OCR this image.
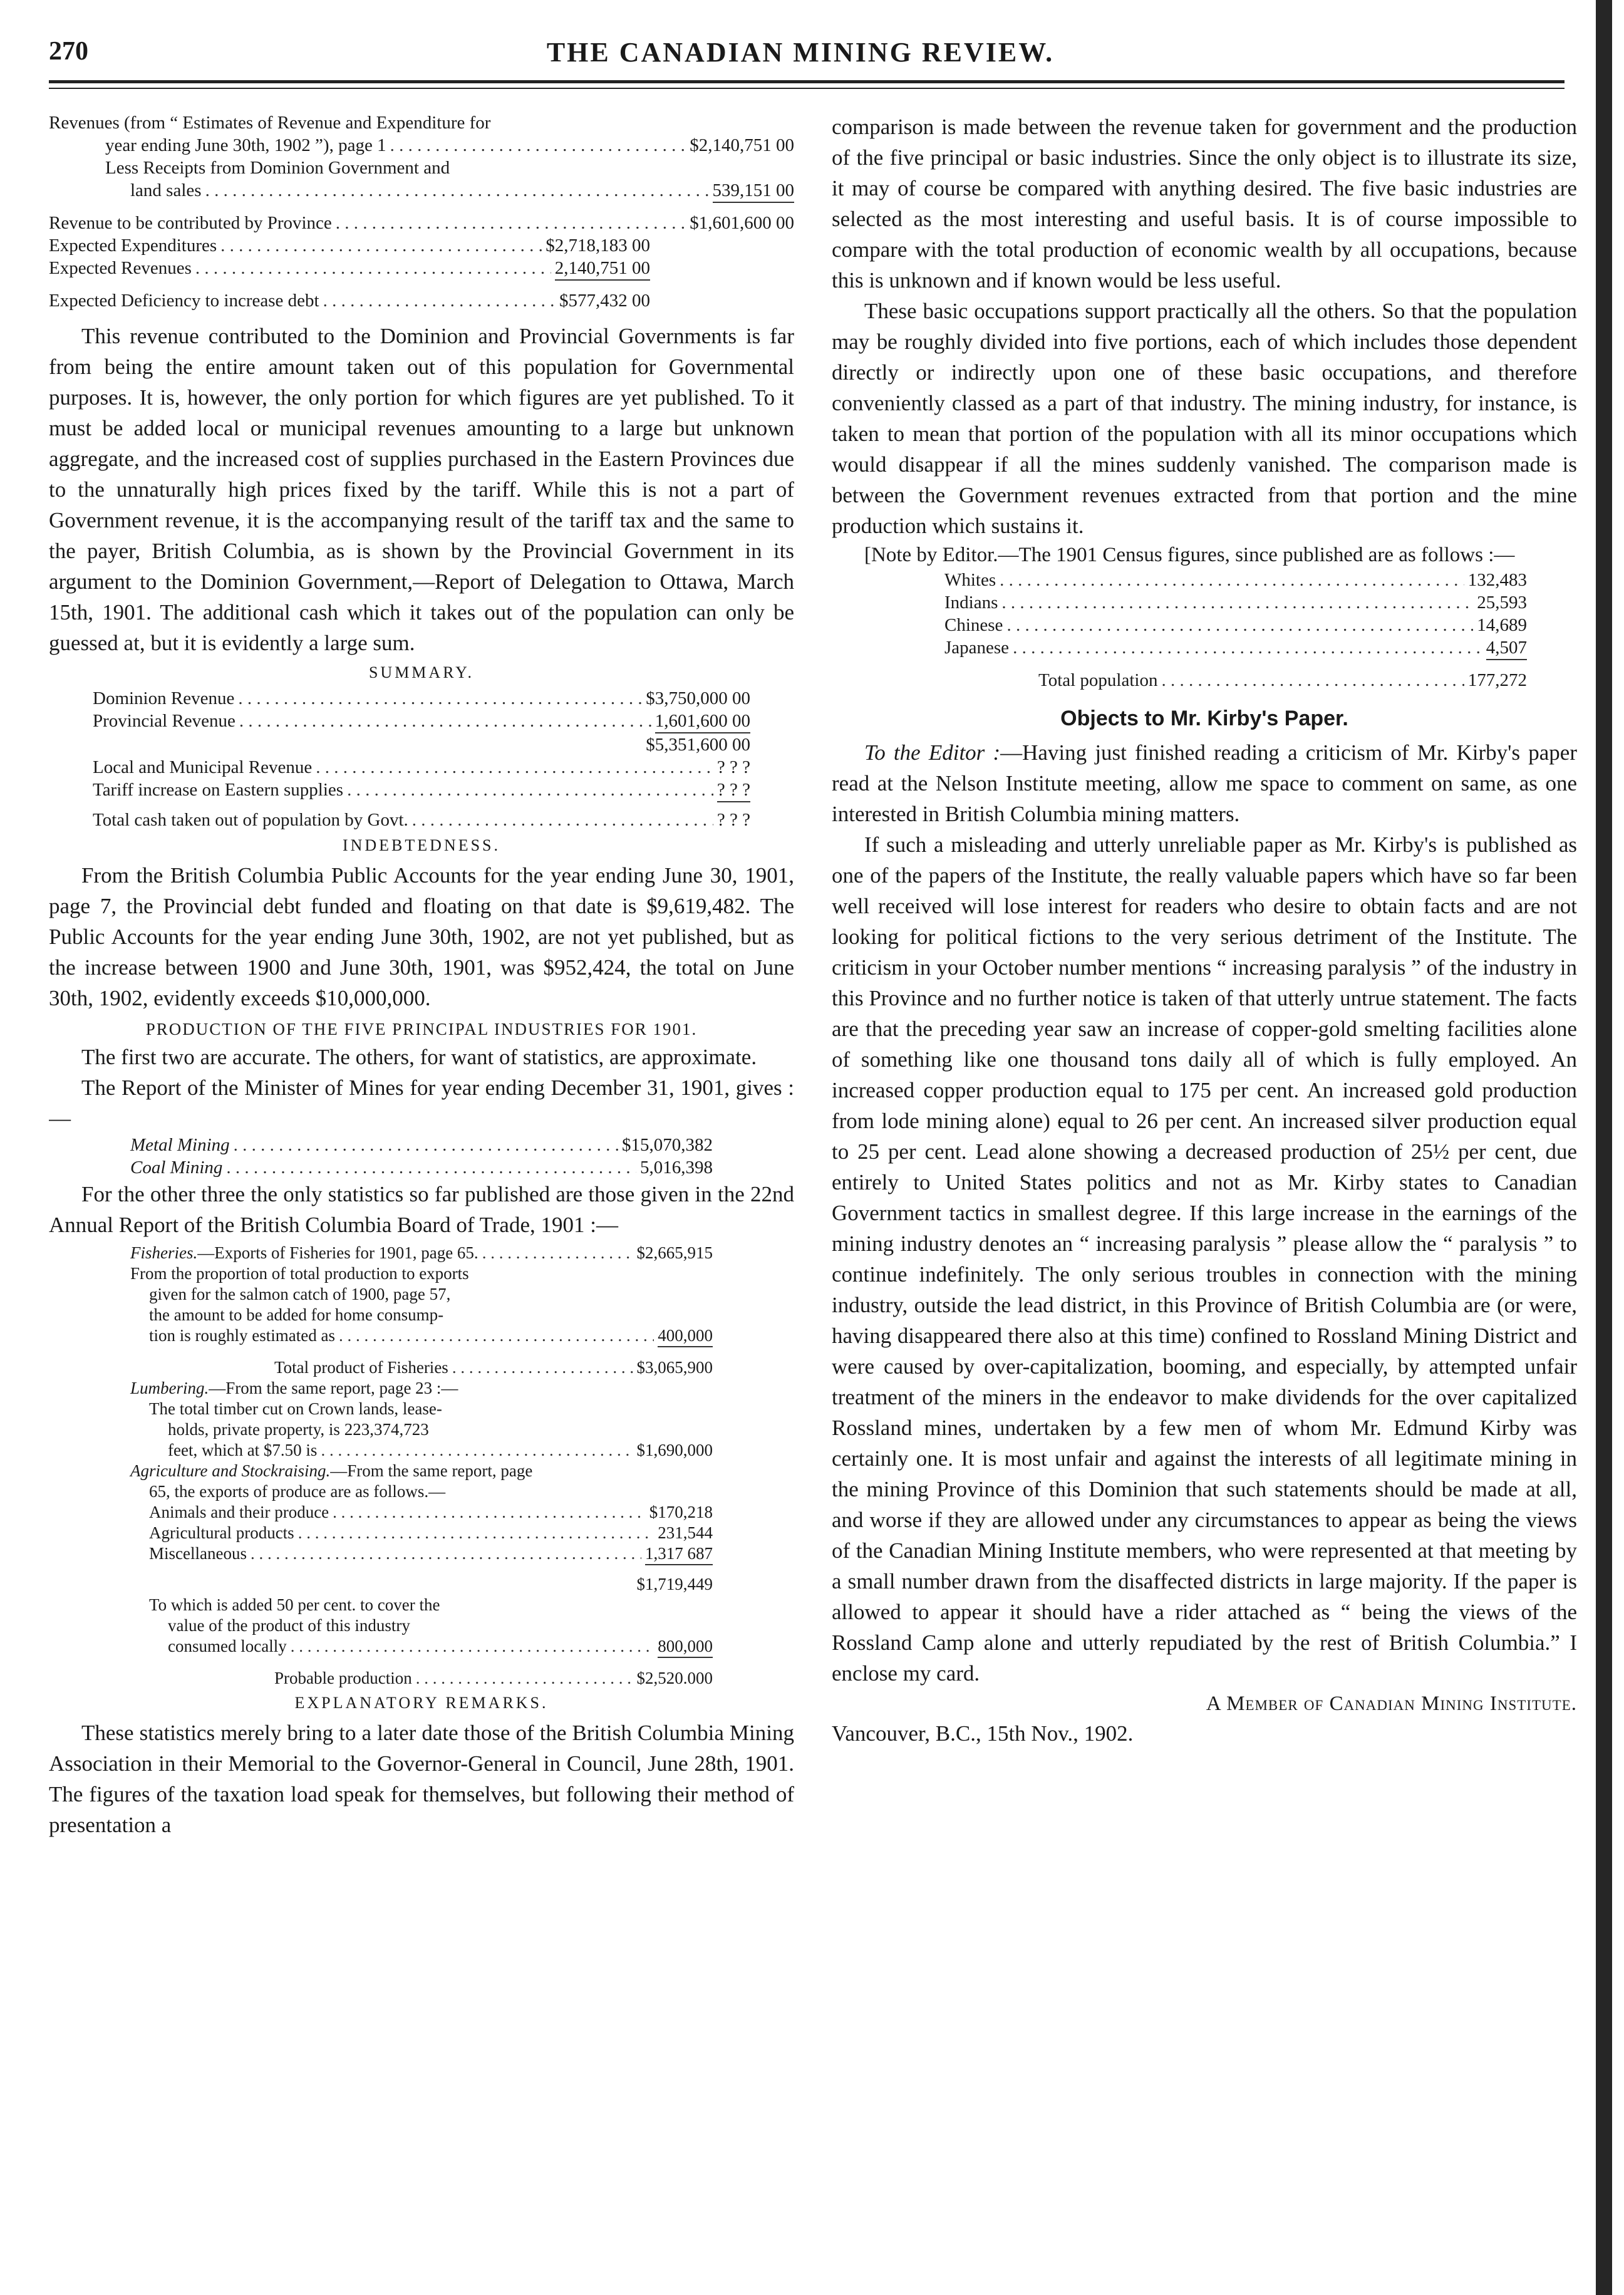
270	THE CANADIAN MINING REVIEW.
Revenues (from “ Estimates of Revenue and Expenditure for
year ending June 30th, 1902 ”), page 1 . . .	$2,140,751 00
Less Receipts from Dominion Government and
land sales . . .	539,151 00
Revenue to be contributed by Province . . .	$1,601,600 00
Expected Expenditures . . .	$2,718,183 00
Expected Revenues . . .	2,140,751 00
Expected Deficiency to increase debt . . .	$577,432 00

This revenue contributed to the Dominion and Provincial Governments is far from being the entire amount taken out of this population for Governmental purposes. It is, however, the only portion for which figures are yet published. To it must be added local or municipal revenues amounting to a large but unknown aggregate, and the increased cost of supplies purchased in the Eastern Provinces due to the unnaturally high prices fixed by the tariff. While this is not a part of Government revenue, it is the accompanying result of the tariff tax and the same to the payer, British Columbia, as is shown by the Provincial Government in its argument to the Dominion Government,—Report of Delegation to Ottawa, March 15th, 1901. The additional cash which it takes out of the population can only be guessed at, but it is evidently a large sum.

SUMMARY.
Dominion Revenue . . .	$3,750,000 00
Provincial Revenue . . .	1,601,600 00
$5,351,600 00
Local and Municipal Revenue . . .	? ? ?
Tariff increase on Eastern supplies . . .	? ? ?
Total cash taken out of population by Govt. . . .	? ? ?
INDEBTEDNESS.

From the British Columbia Public Accounts for the year ending June 30, 1901, page 7, the Provincial debt funded and floating on that date is $9,619,482. The Public Accounts for the year ending June 30th, 1902, are not yet published, but as the increase between 1900 and June 30th, 1901, was $952,424, the total on June 30th, 1902, evidently exceeds $10,000,000.

PRODUCTION OF THE FIVE PRINCIPAL INDUSTRIES FOR 1901.

The first two are accurate. The others, for want of statistics, are approximate.

The Report of the Minister of Mines for year ending December 31, 1901, gives :—

Metal Mining . . .	$15,070,382
Coal Mining . . .	5,016,398

For the other three the only statistics so far published are those given in the 22nd Annual Report of the British Columbia Board of Trade, 1901 :—

Fisheries.—Exports of Fisheries for 1901, page 65. . . .	$2,665,915
From the proportion of total production to exports
given for the salmon catch of 1900, page 57,
the amount to be added for home consump-
tion is roughly estimated as . . .	400,000
Total product of Fisheries . . .	$3,065,900
Lumbering.—From the same report, page 23 :—
The total timber cut on Crown lands, lease-
holds, private property, is 223,374,723
feet, which at $7.50 is . . .	$1,690,000
Agriculture and Stockraising.—From the same report, page
65, the exports of produce are as follows.—
Animals and their produce . . .	$170,218
Agricultural products . . .	231,544
Miscellaneous . . .	1,317 687
$1,719,449
To which is added 50 per cent. to cover the
value of the product of this industry
consumed locally . . .	800,000
Probable production . . .	$2,520.000
EXPLANATORY REMARKS.

These statistics merely bring to a later date those of the British Columbia Mining Association in their Memorial to the Governor-General in Council, June 28th, 1901. The figures of the taxation load speak for themselves, but following their method of presentation a

comparison is made between the revenue taken for government and the production of the five principal or basic industries. Since the only object is to illustrate its size, it may of course be compared with anything desired. The five basic industries are selected as the most interesting and useful basis. It is of course impossible to compare with the total production of economic wealth by all occupations, because this is unknown and if known would be less useful.

These basic occupations support practically all the others. So that the population may be roughly divided into five portions, each of which includes those dependent directly or indirectly upon one of these basic occupations, and therefore conveniently classed as a part of that industry. The mining industry, for instance, is taken to mean that portion of the population with all its minor occupations which would disappear if all the mines suddenly vanished. The comparison made is between the Government revenues extracted from that portion and the mine production which sustains it.

[Note by Editor.—The 1901 Census figures, since published are as follows :—

Whites . . .	132,483
Indians . . .	25,593
Chinese . . .	14,689
Japanese . . .	4,507
Total population . . .	177,272
Objects to Mr. Kirby's Paper.

To the Editor :—Having just finished reading a criticism of Mr. Kirby's paper read at the Nelson Institute meeting, allow me space to comment on same, as one interested in British Columbia mining matters.

If such a misleading and utterly unreliable paper as Mr. Kirby's is published as one of the papers of the Institute, the really valuable papers which have so far been well received will lose interest for readers who desire to obtain facts and are not looking for political fictions to the very serious detriment of the Institute. The criticism in your October number mentions “ increasing paralysis ” of the industry in this Province and no further notice is taken of that utterly untrue statement. The facts are that the preceding year saw an increase of copper-gold smelting facilities alone of something like one thousand tons daily all of which is fully employed. An increased copper production equal to 175 per cent. An increased gold production from lode mining alone) equal to 26 per cent. An increased silver production equal to 25 per cent. Lead alone showing a decreased production of 25½ per cent, due entirely to United States politics and not as Mr. Kirby states to Canadian Government tactics in smallest degree. If this large increase in the earnings of the mining industry denotes an “ increasing paralysis ” please allow the “ paralysis ” to continue indefinitely. The only serious troubles in connection with the mining industry, outside the lead district, in this Province of British Columbia are (or were, having disappeared there also at this time) confined to Rossland Mining District and were caused by over-capitalization, booming, and especially, by attempted unfair treatment of the miners in the endeavor to make dividends for the over capitalized Rossland mines, undertaken by a few men of whom Mr. Edmund Kirby was certainly one. It is most unfair and against the interests of all legitimate mining in the mining Province of this Dominion that such statements should be made at all, and worse if they are allowed under any circumstances to appear as being the views of the Canadian Mining Institute members, who were represented at that meeting by a small number drawn from the disaffected districts in large majority. If the paper is allowed to appear it should have a rider attached as “ being the views of the Rossland Camp alone and utterly repudiated by the rest of British Columbia.” I enclose my card.

A Member of Canadian Mining Institute.
Vancouver, B.C., 15th Nov., 1902.
